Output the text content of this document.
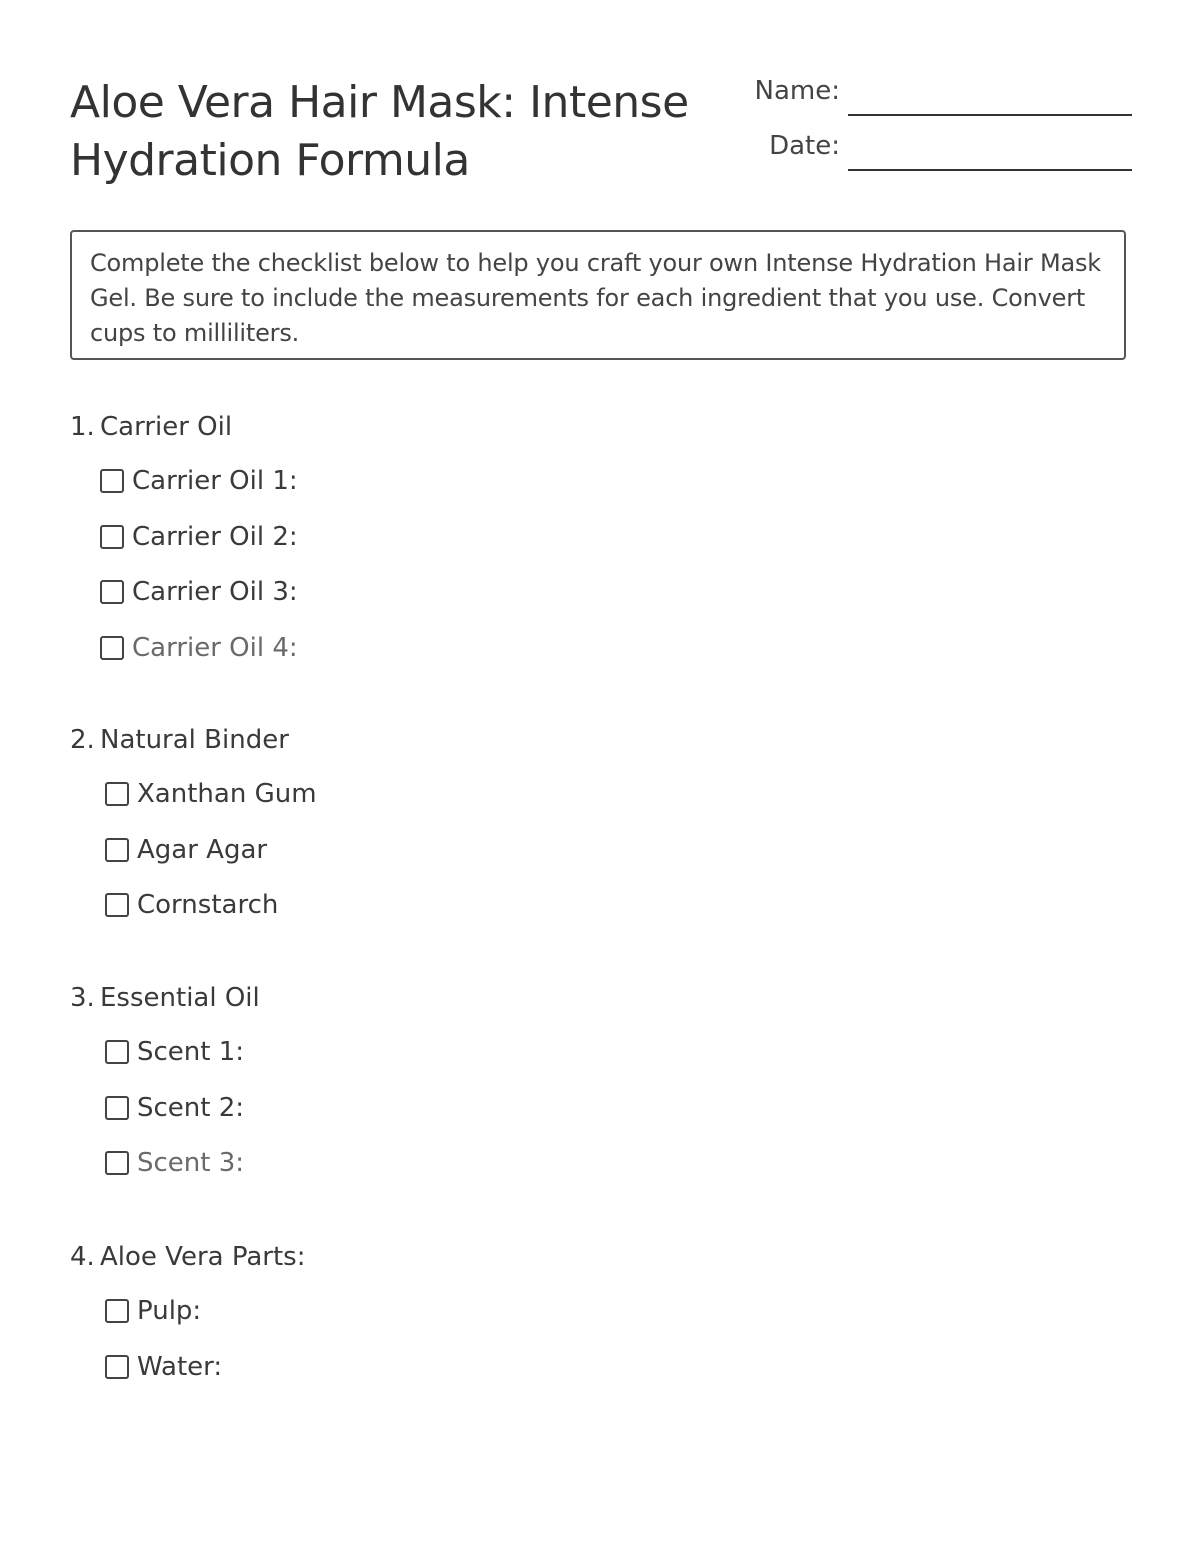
Aloe Vera Hair Mask: Intense Hydration Formula
Name:
Date:
Complete the checklist below to help you craft your own Intense Hydration Hair Mask Gel. Be sure to include the measurements for each ingredient that you use. Convert cups to milliliters.
1. Carrier Oil
Carrier Oil 1:
Carrier Oil 2:
Carrier Oil 3:
Carrier Oil 4:
2. Natural Binder
Xanthan Gum
Agar Agar
Cornstarch
3. Essential Oil
Scent 1:
Scent 2:
Scent 3:
4. Aloe Vera Parts:
Pulp:
Water:
